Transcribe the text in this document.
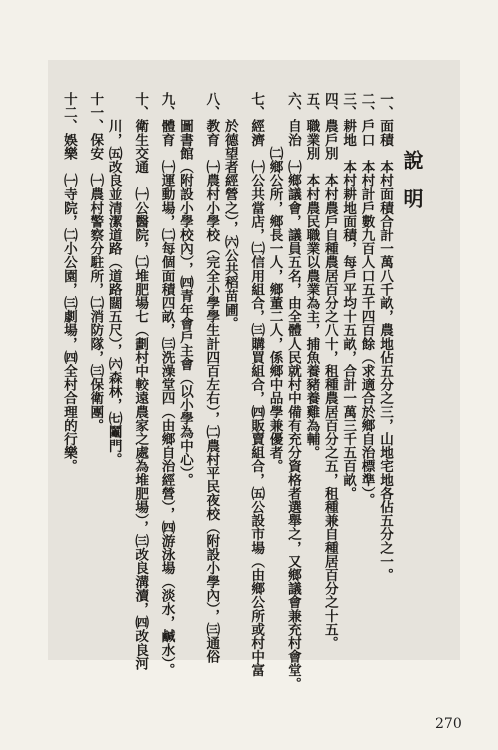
說明
一、面積　本村面積合計一萬八千畝，農地佔五分之三，山地宅地各佔五分之一。
二、戶口　本村計戶數九百人口五千四百餘（求適合於鄉自治標準）。
三、耕地　本村耕地面積，每戶平均十五畝，合計一萬三千五百畝。
四、農戶別　本村農戶自種農居百分之八十，租種農居百分之五，租種兼自種居百分之十五。
五、職業別　本村農民職業以農業為主，捕魚養豬養雞為輔。
六、自治　㈠鄉議會，議員五名，由全體人民就村中備有充分資格者選舉之，又鄉議會兼充村會堂。
　　　　㈡鄉公所，鄉長一人，鄉董二人，係鄉中品學兼優者。
七、經濟　㈠公共當店，㈡信用組合，㈢購買組合，㈣販賣組合，㈤公設市場（由鄉公所或村中富
　　於德望者經營之），㈥公共稻苗圃。
八、教育　㈠農村小學校（完全小學學生計四百左右），㈡農村平民夜校（附設小學內），㈢通俗
　　圖書館（附設小學校內），㈣青年會戶主會（以小學為中心）。
九、體育　㈠運動場，㈡每個面積四畝，㈢洗澡堂四（由鄉自治經營），㈣游泳場（淡水，鹹水）。
十、衛生交通　㈠公醫院，㈡堆肥場七（劃村中較遠農家之處為堆肥場），㈢改良溝瀆，㈣改良河
　　川，㈤改良並清潔道路（道路闊五尺），㈥森林，㈦鬮門。
十一、保安　㈠農村警察分駐所，㈡消防隊，㈢保衛團。
十二、娛樂　㈠寺院，㈡小公園，㈢劇場，㈣全村合理的行樂。
270
